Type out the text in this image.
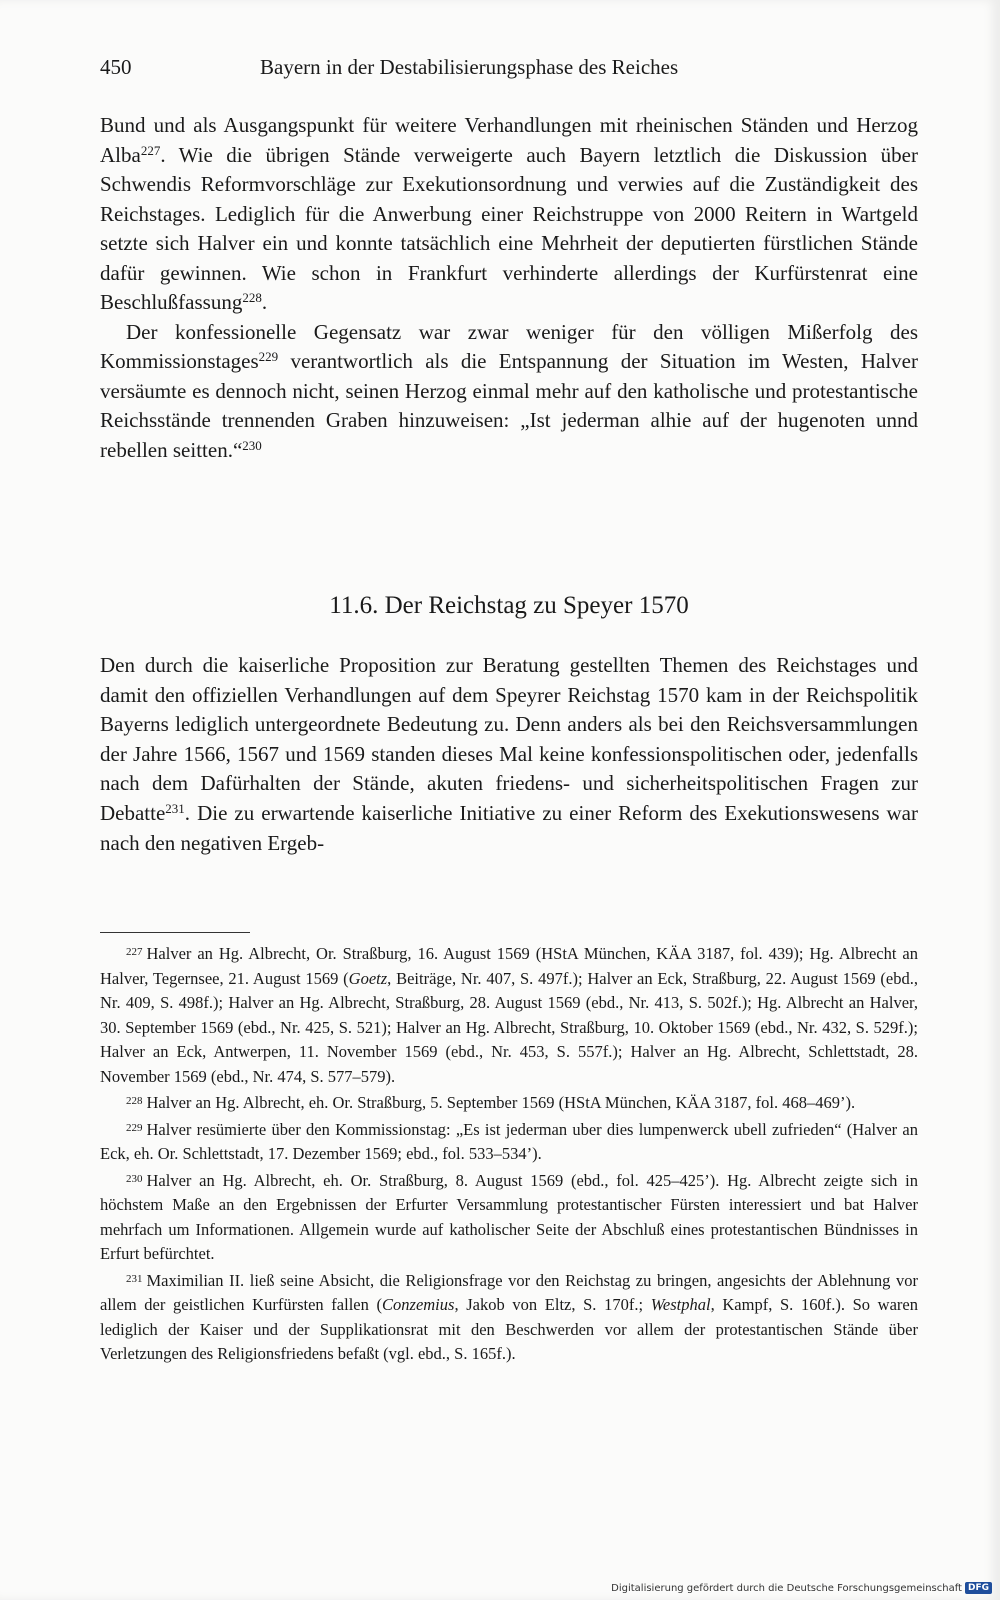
450	Bayern in der Destabilisierungsphase des Reiches

Bund und als Ausgangspunkt für weitere Verhandlungen mit rheinischen Ständen und Herzog Alba$^{227}$. Wie die übrigen Stände verweigerte auch Bayern letztlich die Diskussion über Schwendis Reformvorschläge zur Exekutionsordnung und verwies auf die Zuständigkeit des Reichstages. Lediglich für die Anwerbung einer Reichstruppe von 2000 Reitern in Wartgeld setzte sich Halver ein und konnte tatsächlich eine Mehrheit der deputierten fürstlichen Stände dafür gewinnen. Wie schon in Frankfurt verhinderte allerdings der Kurfürstenrat eine Beschlußfassung$^{228}$.

Der konfessionelle Gegensatz war zwar weniger für den völligen Mißerfolg des Kommissionstages$^{229}$ verantwortlich als die Entspannung der Situation im Westen, Halver versäumte es dennoch nicht, seinen Herzog einmal mehr auf den katholische und protestantische Reichsstände trennenden Graben hinzuweisen: „Ist jederman alhie auf der hugenoten unnd rebellen seitten.“$^{230}$

11.6. Der Reichstag zu Speyer 1570

Den durch die kaiserliche Proposition zur Beratung gestellten Themen des Reichstages und damit den offiziellen Verhandlungen auf dem Speyrer Reichstag 1570 kam in der Reichspolitik Bayerns lediglich untergeordnete Bedeutung zu. Denn anders als bei den Reichsversammlungen der Jahre 1566, 1567 und 1569 standen dieses Mal keine konfessionspolitischen oder, jedenfalls nach dem Dafürhalten der Stände, akuten friedens- und sicherheitspolitischen Fragen zur Debatte$^{231}$. Die zu erwartende kaiserliche Initiative zu einer Reform des Exekutionswesens war nach den negativen Ergeb-

$^{227}$ Halver an Hg. Albrecht, Or. Straßburg, 16. August 1569 (HStA München, KÄA 3187, fol. 439); Hg. Albrecht an Halver, Tegernsee, 21. August 1569 (Goetz, Beiträge, Nr. 407, S. 497f.); Halver an Eck, Straßburg, 22. August 1569 (ebd., Nr. 409, S. 498f.); Halver an Hg. Albrecht, Straßburg, 28. August 1569 (ebd., Nr. 413, S. 502f.); Hg. Albrecht an Halver, 30. September 1569 (ebd., Nr. 425, S. 521); Halver an Hg. Albrecht, Straßburg, 10. Oktober 1569 (ebd., Nr. 432, S. 529f.); Halver an Eck, Antwerpen, 11. November 1569 (ebd., Nr. 453, S. 557f.); Halver an Hg. Albrecht, Schlettstadt, 28. November 1569 (ebd., Nr. 474, S. 577–579).

$^{228}$ Halver an Hg. Albrecht, eh. Or. Straßburg, 5. September 1569 (HStA München, KÄA 3187, fol. 468–469’).

$^{229}$ Halver resümierte über den Kommissionstag: „Es ist jederman uber dies lumpenwerck ubell zufrieden“ (Halver an Eck, eh. Or. Schlettstadt, 17. Dezember 1569; ebd., fol. 533–534’).

$^{230}$ Halver an Hg. Albrecht, eh. Or. Straßburg, 8. August 1569 (ebd., fol. 425–425’). Hg. Albrecht zeigte sich in höchstem Maße an den Ergebnissen der Erfurter Versammlung protestantischer Fürsten interessiert und bat Halver mehrfach um Informationen. Allgemein wurde auf katholischer Seite der Abschluß eines protestantischen Bündnisses in Erfurt befürchtet.

$^{231}$ Maximilian II. ließ seine Absicht, die Religionsfrage vor den Reichstag zu bringen, angesichts der Ablehnung vor allem der geistlichen Kurfürsten fallen (Conzemius, Jakob von Eltz, S. 170f.; Westphal, Kampf, S. 160f.). So waren lediglich der Kaiser und der Supplikationsrat mit den Beschwerden vor allem der protestantischen Stände über Verletzungen des Religionsfriedens befaßt (vgl. ebd., S. 165f.).

Digitalisierung gefördert durch die Deutsche Forschungsgemeinschaft DFG
